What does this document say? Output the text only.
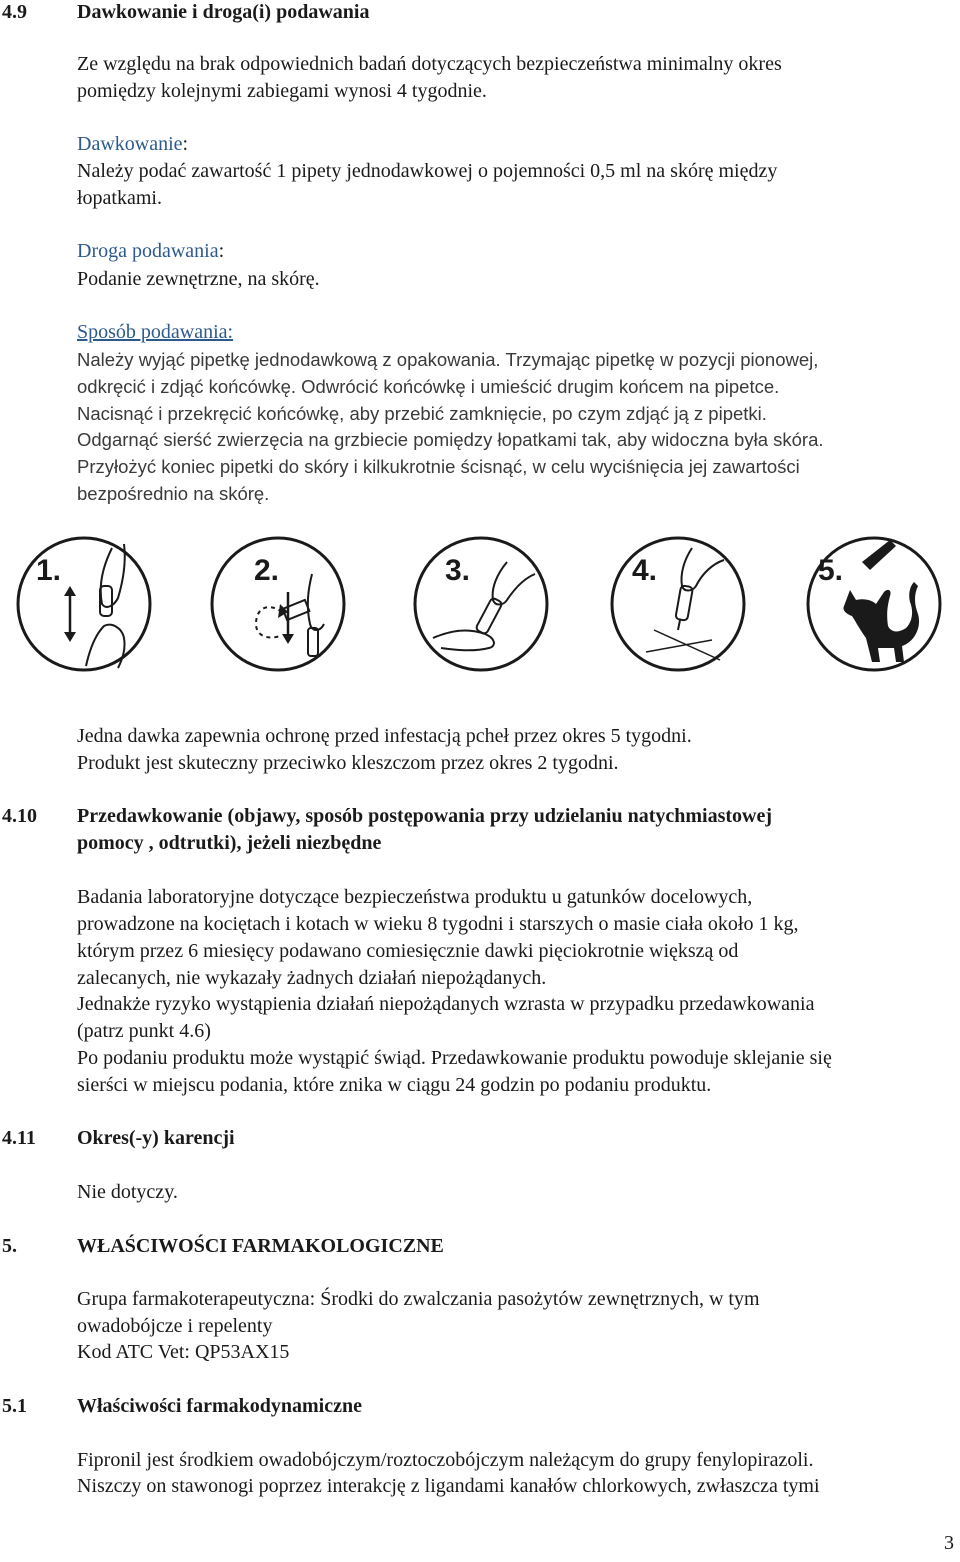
4.9	Dawkowanie i droga(i) podawania
Ze względu na brak odpowiednich badań dotyczących bezpieczeństwa minimalny okres
pomiędzy kolejnymi zabiegami wynosi 4 tygodnie.
Dawkowanie:
Należy podać zawartość 1 pipety jednodawkowej o pojemności 0,5 ml na skórę między
łopatkami.
Droga podawania:
Podanie zewnętrzne, na skórę.
Sposób podawania:
Należy wyjąć pipetkę jednodawkową z opakowania. Trzymając pipetkę w pozycji pionowej,
odkręcić i zdjąć końcówkę. Odwrócić końcówkę i umieścić drugim końcem na pipetce.
Nacisnąć i przekręcić końcówkę, aby przebić zamknięcie, po czym zdjąć ją z pipetki.
Odgarnąć sierść zwierzęcia na grzbiecie pomiędzy łopatkami tak, aby widoczna była skóra.
Przyłożyć koniec pipetki do skóry i kilkukrotnie ścisnąć, w celu wyciśnięcia jej zawartości
bezpośrednio na skórę.
1.	2.	3.	4.	5.
Jedna dawka zapewnia ochronę przed infestacją pcheł przez okres 5 tygodni.
Produkt jest skuteczny przeciwko kleszczom przez okres 2 tygodni.
4.10 Przedawkowanie (objawy, sposób postępowania przy udzielaniu natychmiastowej
pomocy , odtrutki), jeżeli niezbędne
Badania laboratoryjne dotyczące bezpieczeństwa produktu u gatunków docelowych,
prowadzone na kociętach i kotach w wieku 8 tygodni i starszych o masie ciała około 1 kg,
którym przez 6 miesięcy podawano comiesięcznie dawki pięciokrotnie większą od
zalecanych, nie wykazały żadnych działań niepożądanych.
Jednakże ryzyko wystąpienia działań niepożądanych wzrasta w przypadku przedawkowania
(patrz punkt 4.6)
Po podaniu produktu może wystąpić świąd. Przedawkowanie produktu powoduje sklejanie się
sierści w miejscu podania, które znika w ciągu 24 godzin po podaniu produktu.
4.11 Okres(-y) karencji
Nie dotyczy.
5.	WŁAŚCIWOŚCI FARMAKOLOGICZNE
Grupa farmakoterapeutyczna: Środki do zwalczania pasożytów zewnętrznych, w tym
owadobójcze i repelenty
Kod ATC Vet: QP53AX15
5.1	Właściwości farmakodynamiczne
Fipronil jest środkiem owadobójczym/roztoczobójczym należącym do grupy fenylopirazoli.
Niszczy on stawonogi poprzez interakcję z ligandami kanałów chlorkowych, zwłaszcza tymi
3
